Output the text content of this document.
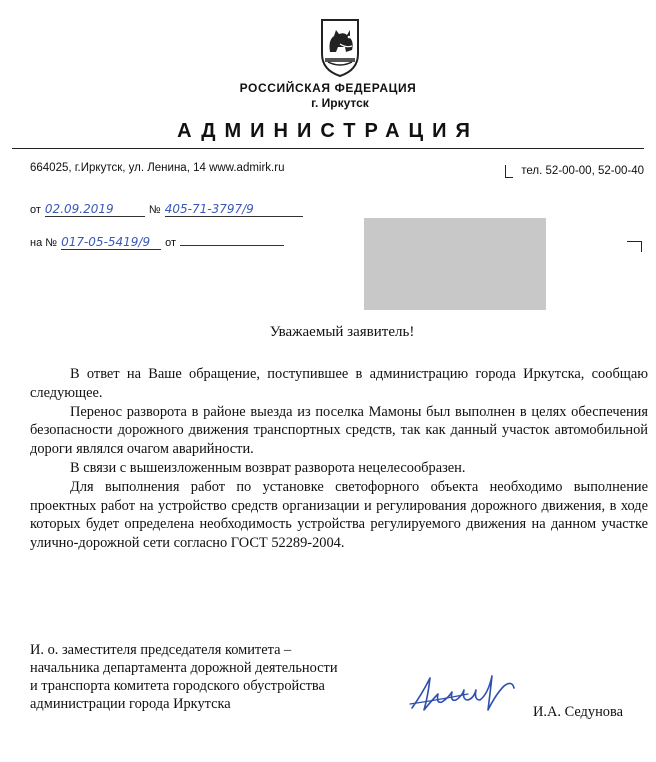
РОССИЙСКАЯ ФЕДЕРАЦИЯ
г. Иркутск
АДМИНИСТРАЦИЯ
664025, г.Иркутск, ул. Ленина, 14 www.admirk.ru	тел. 52-00-00, 52-00-40
от 02.09.2019	№ 405-71-3797/9
на № 017-05-5419/9 от
Уважаемый заявитель!

В ответ на Ваше обращение, поступившее в администрацию города Иркутска, сообщаю следующее.

Перенос разворота в районе выезда из поселка Мамоны был выполнен в целях обеспечения безопасности дорожного движения транспортных средств, так как данный участок автомобильной дороги являлся очагом аварийности.

В связи с вышеизложенным возврат разворота нецелесообразен.

Для выполнения работ по установке светофорного объекта необходимо выполнение проектных работ на устройство средств организации и регулирования дорожного движения, в ходе которых будет определена необходимость устройства регулируемого движения на данном участке улично-дорожной сети согласно ГОСТ 52289-2004.

И. о. заместителя председателя комитета –
начальника департамента дорожной деятельности
и транспорта комитета городского обустройства
администрации города Иркутска	И.А. Седунова
